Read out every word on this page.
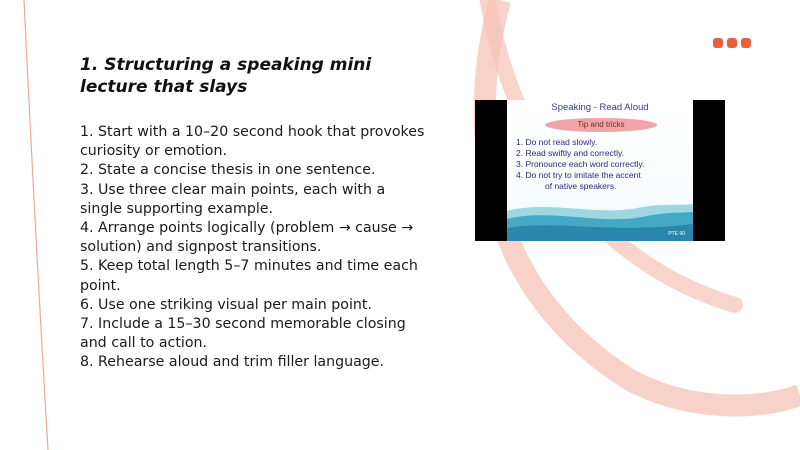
1. Structuring a speaking mini lecture that slays
1. Start with a 10–20 second hook that provokes curiosity or emotion.
2. State a concise thesis in one sentence.
3. Use three clear main points, each with a single supporting example.
4. Arrange points logically (problem → cause → solution) and signpost transitions.
5. Keep total length 5–7 minutes and time each point.
6. Use one striking visual per main point.
7. Include a 15–30 second memorable closing and call to action.
8. Rehearse aloud and trim filler language.
Speaking - Read Aloud
Tip and tricks
1. Do not read slowly.
2. Read swiftly and correctly.
3. Pronounce each word correctly.
4. Do not try to imitate the accent
of native speakers.
PTE 90
